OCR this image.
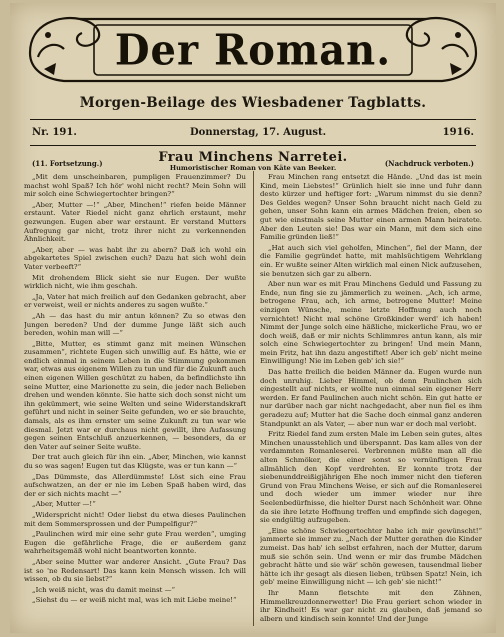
Der Roman.
Morgen-Beilage des Wiesbadener Tagblatts.
Nr. 191.	Donnerstag, 17. August.	1916.
(11. Fortsetzung.)	Frau Minchens Narretei.	(Nachdruck verboten.)
Humoristischer Roman von Käte van Beeker.

„Mit dem unscheinbaren, pumpligen Frauenzimmer? Du machst wohl Spaß? Ich hör' wohl nicht recht? Mein Sohn will mir solch eine Schwiegertochter bringen?“

„Aber, Mutter —!“ „Aber, Minchen!“ riefen beide Männer erstaunt. Vater Riedel nicht ganz ehrlich erstaunt, mehr gezwungen. Eugen aber war erstaunt. Er verstand Mutters Aufregung gar nicht, trotz ihrer nicht zu verkennenden Ähnlichkeit.

„Aber, aber — was habt ihr zu abern? Daß ich wohl ein abgekartetes Spiel zwischen euch? Dazu hat sich wohl dein Vater verbeeft?“

Mit drohendem Blick sieht sie nur Eugen. Der wußte wirklich nicht, wie ihm geschah.

„Ja, Vater hat mich freilich auf den Gedanken gebracht, aber er verweist, weil er nichts anderes zu sagen wußte.“

„Ah — das hast du mir antun können? Zu so etwas den Jungen bereden? Und der dumme Junge läßt sich auch bereden, wohin man will —“

„Bitte, Mutter, es stimmt ganz mit meinen Wünschen zusammen“, richtete Eugen sich unwillig auf. Es hätte, wie er endlich einmal in seinem Leben in die Stimmung gekommen war, etwas aus eigenem Willen zu tun und für die Zukunft auch einen eigenen Willen geschützt zu haben, da befindlichste ihn seine Mutter, eine Marionette zu sein, die jeder nach Belieben drehen und wenden könnte. Sie hatte sich doch sonst nicht um ihn gekümmert, wie seine Welten und seine Widerstandskraft geführt und nicht in seiner Seite gefunden, wo er sie brauchte, damals, als es ihm ernster um seine Zukunft zu tun war wie diesmal. Jetzt war er durchaus nicht gewillt, ihre Aufassung gegen seinen Entschluß anzuerkennen, — besonders, da er den Vater auf seiner Seite wußte.

Der trat auch gleich für ihn ein. „Aber, Minchen, wie kannst du so was sagen! Eugen tut das Klügste, was er tun kann —“

„Das Dümmste, das Allerdümmste! Löst sich eine Frau aufschwatzen, an der er nie im Leben Spaß haben wird, das der er sich nichts macht —“

„Aber, Mutter —!“

„Widerspricht nicht! Oder liebst du etwa dieses Paulinchen mit dem Sommersprossen und der Pumpelfigur?“

„Paulinchen wird mir eine sehr gute Frau werden“, umging Eugen die gefährliche Frage, die er außerdem ganz wahrheitsgemäß wohl nicht beantworten konnte.

„Aber seine Mutter war anderer Ansicht. „Gute Frau? Das ist so 'ne Redensart! Das kann kein Mensch wissen. Ich will wissen, ob du sie liebst?“

„Ich weiß nicht, was du damit meinst —“

„Siehst du — er weiß nicht mal, was ich mit Liebe meine!“

Frau Minchen rang entsetzt die Hände. „Und das ist mein Kind, mein Liebstes!“ Grünlich hielt sie inne und fuhr dann desto kürzer und heftiger fort: „Warum nimmst du sie denn? Des Geldes wegen? Unser Sohn braucht nicht nach Geld zu gehen, unser Sohn kann ein armes Mädchen freien, eben so gut wie einstmals seine Mutter einen armen Mann heiratete. Aber den Leuten sie! Das war ein Mann, mit dem sich eine Familie gründen ließ!“

„Hat auch sich viel geholfen, Minchen“, fiel der Mann, der die Familie gegründet hatte, mit mahlsüchtigem Wehrklang ein. Er wußte seiner Alten wirklich mal einen Nick aufzusehen, sie benutzen sich gar zu albern.

Aber nun war es mit Frau Minchens Geduld und Fassung zu Ende, nun fing sie zu jämmerlich zu weinen. „Ach, ich arme, betrogene Frau, ach, ich arme, betrogene Mutter! Meine einzigen Wünsche, meine letzte Hoffnung auch noch vernichtet! Nicht mal schöne Großkinder werd' ich haben! Nimmt der Junge solch eine häßliche, mickerliche Frau, wo er doch weiß, daß er mir nichts Schlimmres antun kann, als mir solch eine Schwiegertochter zu bringen! Und mein Mann, mein Fritz, hat ihn dazu angestiftet! Aber ich geb' nicht meine Einwilligung! Nie im Leben geb' ich sie!“

Das hatte freilich die beiden Männer da. Eugen wurde nun doch unruhig. Lieber Himmel, ob denn Paulinchen sich eingestellt auf nichts, er wollte nun einmal sein eigener Herr werden. Er fand Paulinchen auch nicht schön. Ein gut hatte er nur darüber nach gar nicht nachgedacht, aber nun fiel es ihm geradezu auf; Mutter hat die Sache doch einmal ganz anderen Standpunkt an als Vater, — aber nun war er doch mal verlobt.

Fritz Riedel fand zum ersten Male im Leben sein gutes, altes Minchen unausstehlich und überspannt. Das kam alles von der verdammten Romanleserei. Verbrennen müßte man all die alten Schmöker, die einer sonst so vernünftigen Frau allmählich den Kopf verdrehten. Er konnte trotz der siebenunddreißigjährigen Ehe noch immer nicht den tieferen Grund von Frau Minchens Weise, er sich auf die Romanleserei und doch wieder um immer wieder nur ihre Seelenbedürfnisse, die hielter Durst nach Schönheit war. Ohne da sie ihre letzte Hoffnung treffen und empfinde sich dagegen, sie endgültig aufzugeben.

„Eine schöne Schwiegertochter habe ich mir gewünscht!“ jammerte sie immer zu. „Nach der Mutter gerathen die Kinder zumeist. Das hab' ich selbst erfahren, nach der Mutter, darum muß sie schön sein. Und wenn er mir das frumbe Mädchen gebracht hätte und sie wär' schön gewesen, tausendmal lieber hätte ich ihr gesagt als diesen lieben, trübsen Spatz! Nein, ich geb' meine Einwilligung nicht — ich geb' sie nicht!“

Ihr Mann fletschte mit den Zähnen, Himmelkreuzdonnerwetter! Die Frau geriert schon wieder in ihr Kindheit! Es war gar nicht zu glauben, daß jemand so albern und kindisch sein konnte! Und der Junge
